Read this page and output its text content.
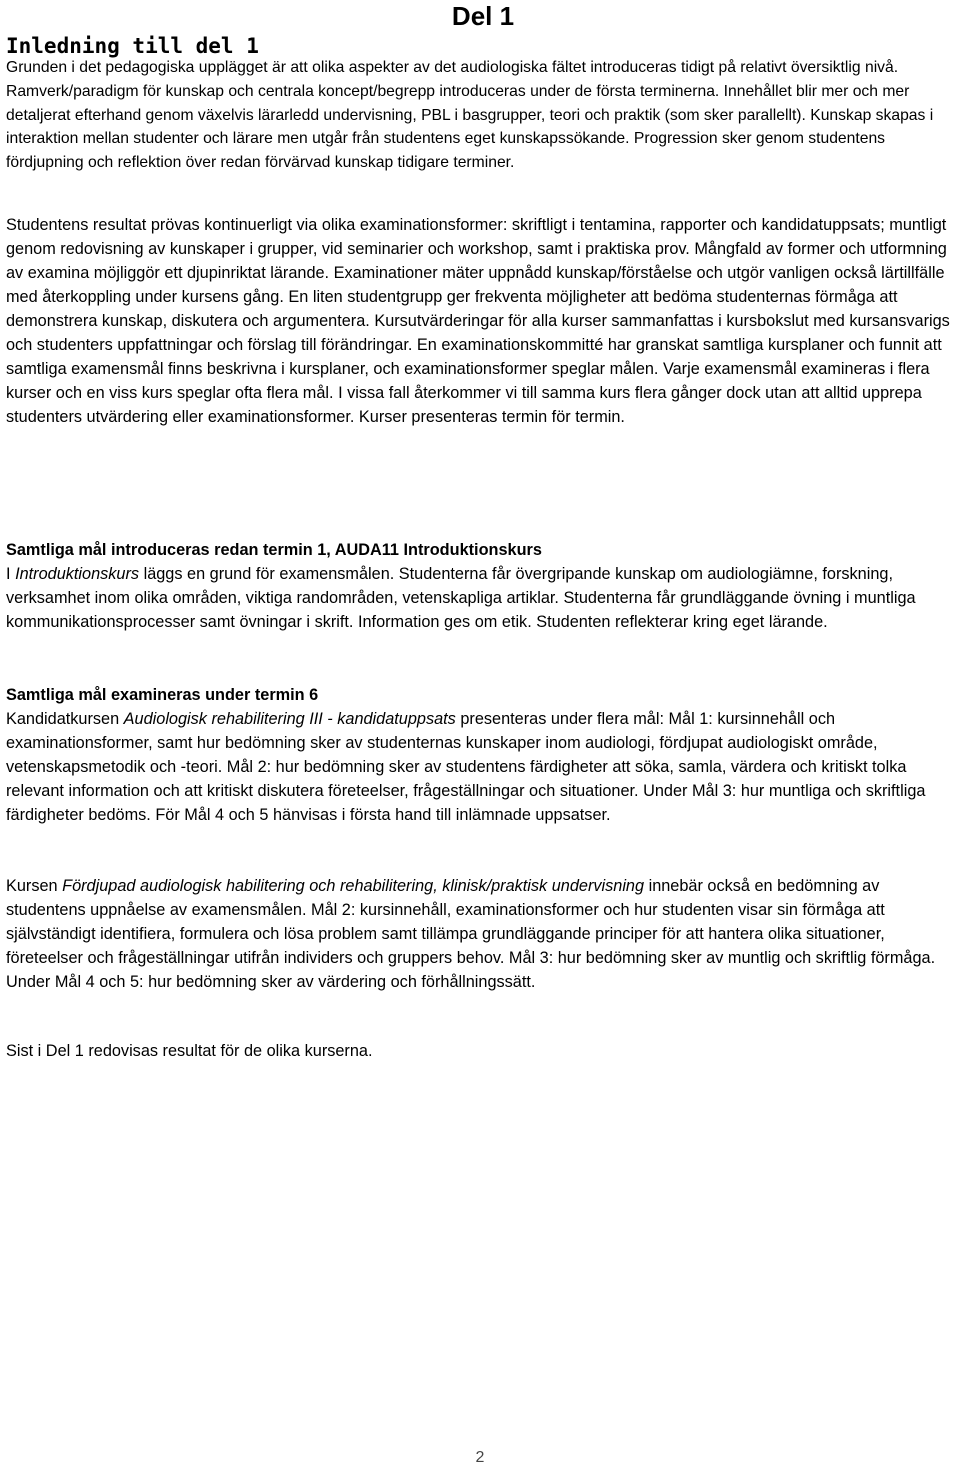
Del 1
Inledning till del 1

Grunden i det pedagogiska upplägget är att olika aspekter av det audiologiska fältet introduceras tidigt på relativt översiktlig nivå. Ramverk/paradigm för kunskap och centrala koncept/begrepp introduceras under de första terminerna. Innehållet blir mer och mer detaljerat efterhand genom växelvis lärarledd undervisning, PBL i basgrupper, teori och praktik (som sker parallellt). Kunskap skapas i interaktion mellan studenter och lärare men utgår från studentens eget kunskapssökande. Progression sker genom studentens fördjupning och reflektion över redan förvärvad kunskap tidigare terminer.

Studentens resultat prövas kontinuerligt via olika examinationsformer: skriftligt i tentamina, rapporter och kandidatuppsats; muntligt genom redovisning av kunskaper i grupper, vid seminarier och workshop, samt i praktiska prov. Mångfald av former och utformning av examina möjliggör ett djupinriktat lärande. Examinationer mäter uppnådd kunskap/förståelse och utgör vanligen också lärtillfälle med återkoppling under kursens gång. En liten studentgrupp ger frekventa möjligheter att bedöma studenternas förmåga att demonstrera kunskap, diskutera och argumentera. Kursutvärderingar för alla kurser sammanfattas i kursbokslut med kursansvarigs och studenters uppfattningar och förslag till förändringar. En examinationskommitté har granskat samtliga kursplaner och funnit att samtliga examensmål finns beskrivna i kursplaner, och examinationsformer speglar målen. Varje examensmål examineras i flera kurser och en viss kurs speglar ofta flera mål. I vissa fall återkommer vi till samma kurs flera gånger dock utan att alltid upprepa studenters utvärdering eller examinationsformer. Kurser presenteras termin för termin.

Samtliga mål introduceras redan termin 1, AUDA11 Introduktionskurs
I Introduktionskurs läggs en grund för examensmålen. Studenterna får övergripande kunskap om audiologiämne, forskning, verksamhet inom olika områden, viktiga randområden, vetenskapliga artiklar. Studenterna får grundläggande övning i muntliga kommunikationsprocesser samt övningar i skrift. Information ges om etik. Studenten reflekterar kring eget lärande.
Samtliga mål examineras under termin 6
Kandidatkursen Audiologisk rehabilitering III - kandidatuppsats presenteras under flera mål: Mål 1: kursinnehåll och examinationsformer, samt hur bedömning sker av studenternas kunskaper inom audiologi, fördjupat audiologiskt område, vetenskapsmetodik och -teori. Mål 2: hur bedömning sker av studentens färdigheter att söka, samla, värdera och kritiskt tolka relevant information och att kritiskt diskutera företeelser, frågeställningar och situationer. Under Mål 3: hur muntliga och skriftliga färdigheter bedöms. För Mål 4 och 5 hänvisas i första hand till inlämnade uppsatser.
Kursen Fördjupad audiologisk habilitering och rehabilitering, klinisk/praktisk undervisning innebär också en bedömning av studentens uppnåelse av examensmålen. Mål 2: kursinnehåll, examinationsformer och hur studenten visar sin förmåga att självständigt identifiera, formulera och lösa problem samt tillämpa grundläggande principer för att hantera olika situationer, företeelser och frågeställningar utifrån individers och gruppers behov. Mål 3: hur bedömning sker av muntlig och skriftlig förmåga. Under Mål 4 och 5: hur bedömning sker av värdering och förhållningssätt.

Sist i Del 1 redovisas resultat för de olika kurserna.

2
